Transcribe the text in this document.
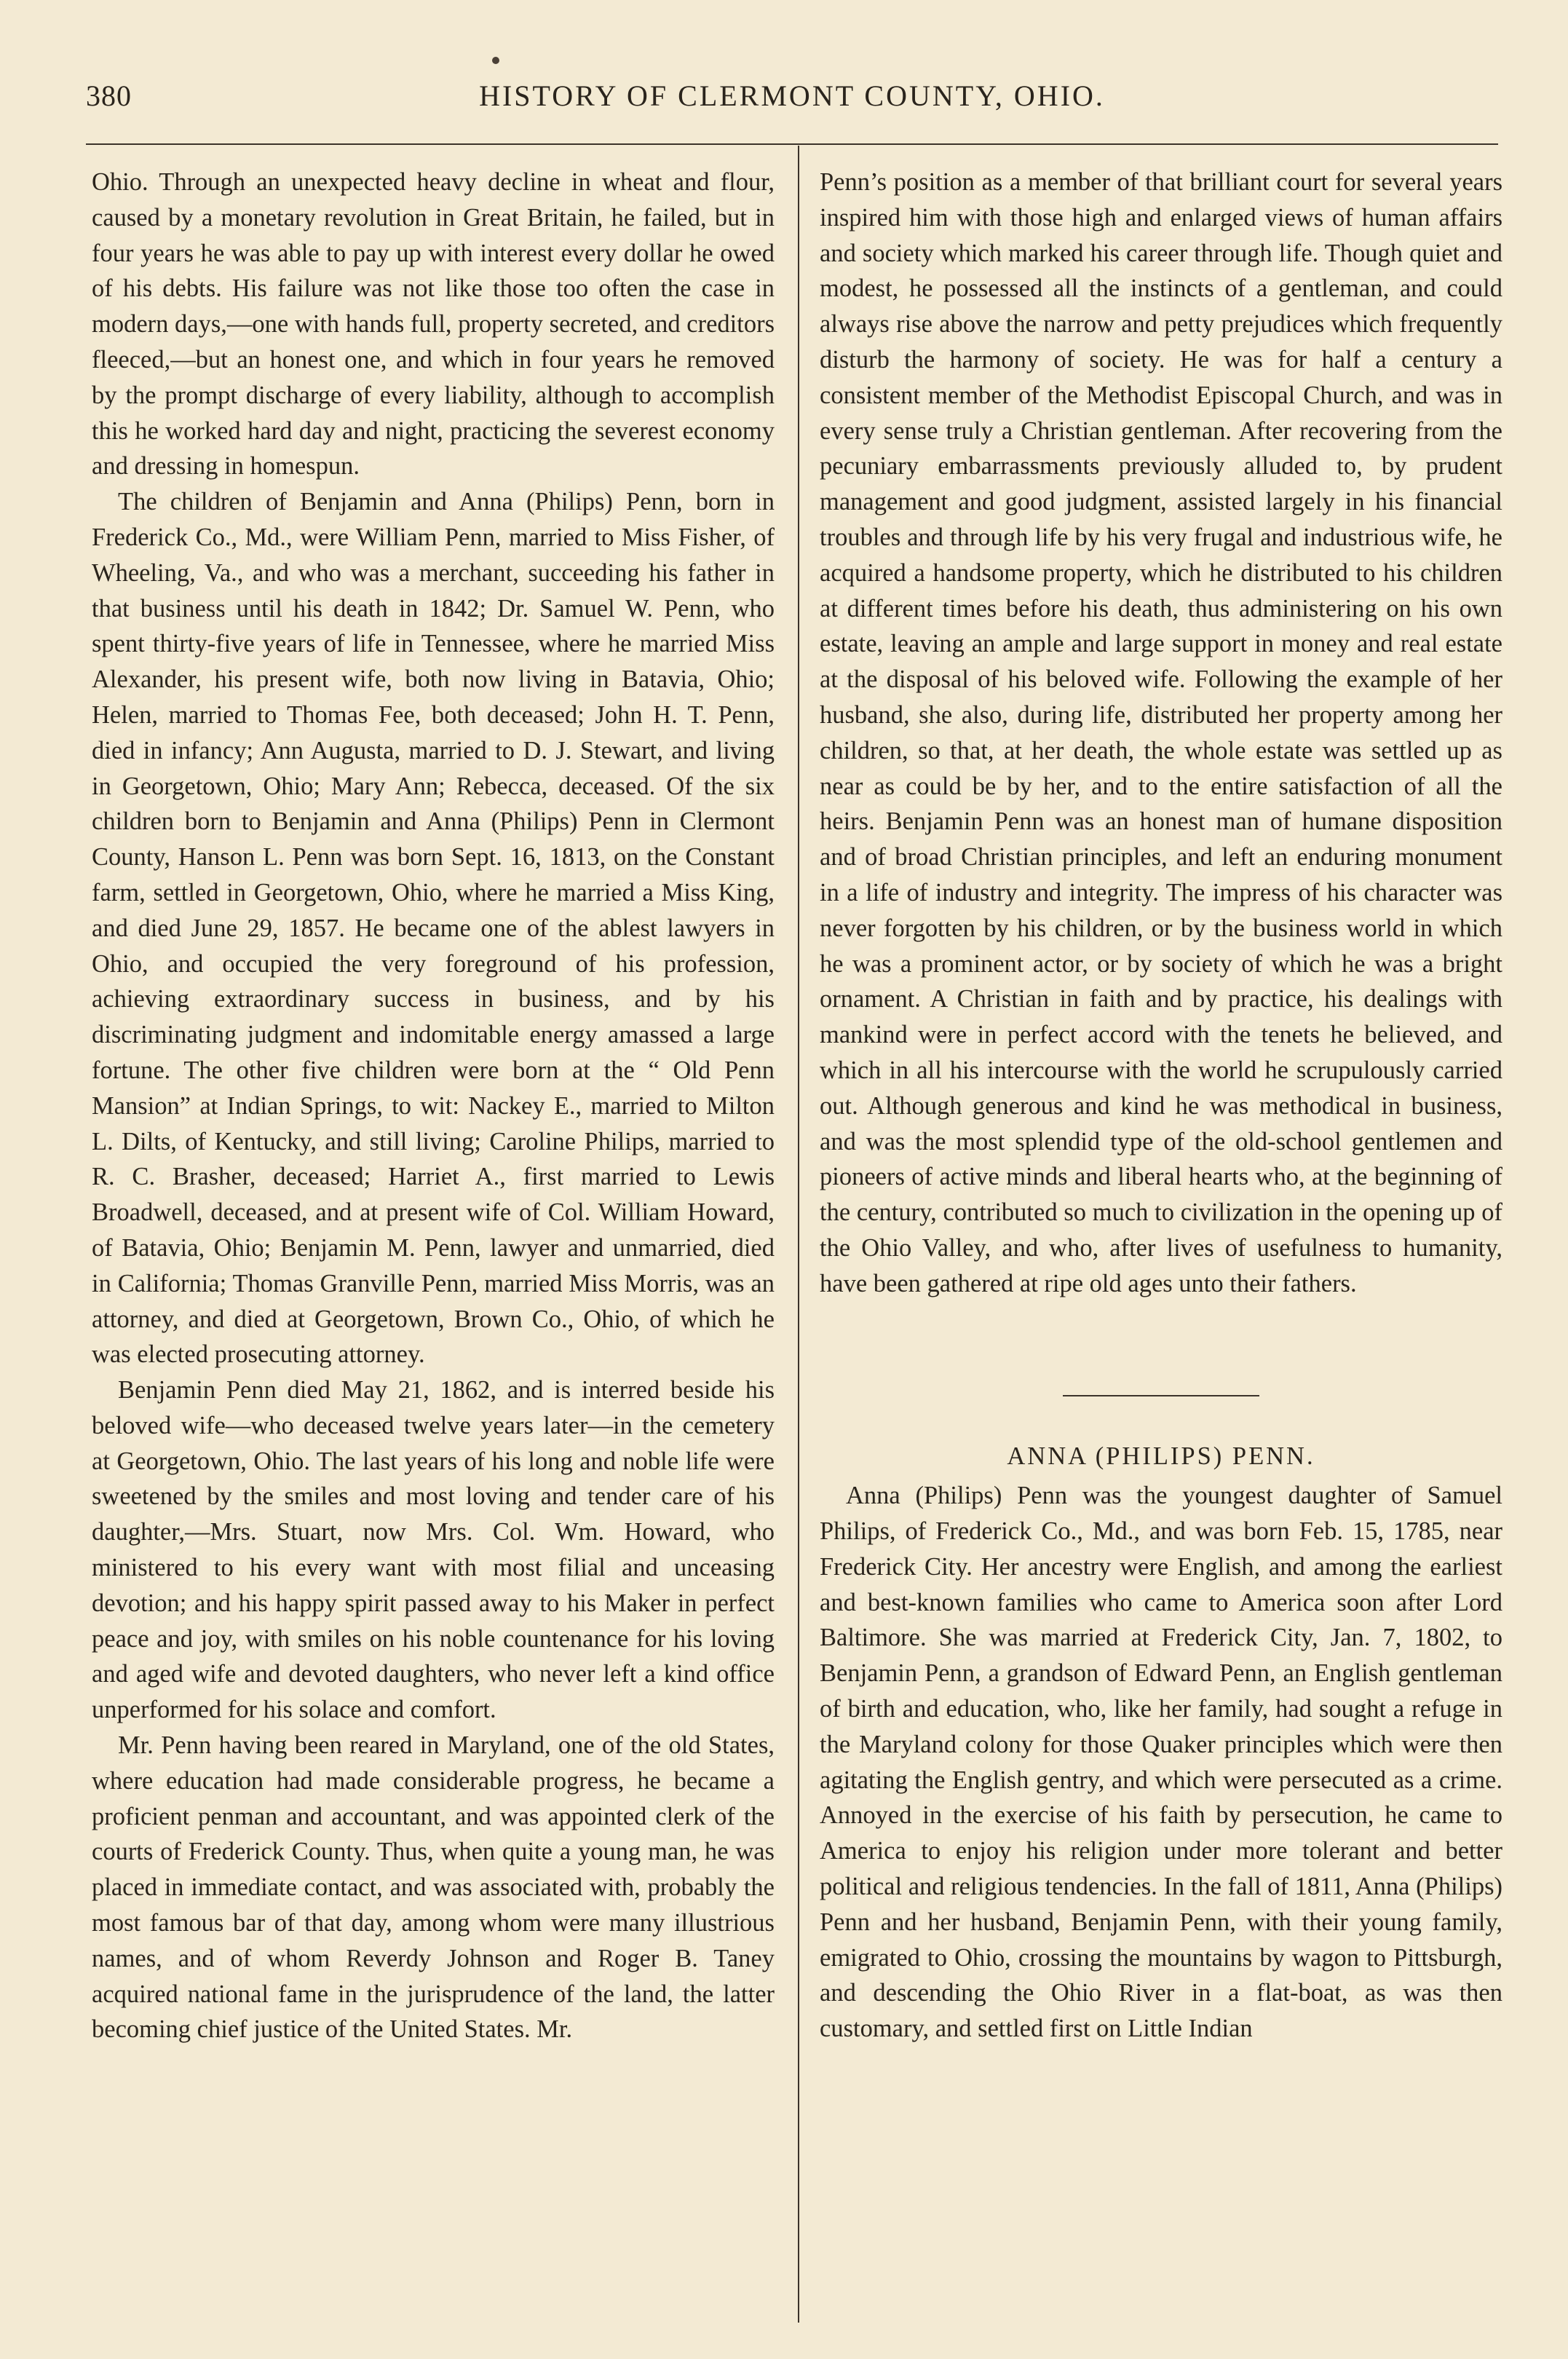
380	HISTORY OF CLERMONT COUNTY, OHIO.

Ohio. Through an unexpected heavy decline in wheat and flour, caused by a monetary revolution in Great Britain, he failed, but in four years he was able to pay up with interest every dollar he owed of his debts. His failure was not like those too often the case in modern days,—one with hands full, property secreted, and creditors fleeced,—but an honest one, and which in four years he removed by the prompt discharge of every liability, although to accomplish this he worked hard day and night, practicing the severest economy and dressing in homespun.

The children of Benjamin and Anna (Philips) Penn, born in Frederick Co., Md., were William Penn, married to Miss Fisher, of Wheeling, Va., and who was a merchant, succeeding his father in that business until his death in 1842; Dr. Samuel W. Penn, who spent thirty-five years of life in Tennessee, where he married Miss Alexander, his present wife, both now living in Batavia, Ohio; Helen, married to Thomas Fee, both deceased; John H. T. Penn, died in infancy; Ann Augusta, married to D. J. Stewart, and living in Georgetown, Ohio; Mary Ann; Rebecca, deceased. Of the six children born to Benjamin and Anna (Philips) Penn in Clermont County, Hanson L. Penn was born Sept. 16, 1813, on the Constant farm, settled in Georgetown, Ohio, where he married a Miss King, and died June 29, 1857. He became one of the ablest lawyers in Ohio, and occupied the very foreground of his profession, achieving extraordinary success in business, and by his discriminating judgment and indomitable energy amassed a large fortune. The other five children were born at the “ Old Penn Mansion” at Indian Springs, to wit: Nackey E., married to Milton L. Dilts, of Kentucky, and still living; Caroline Philips, married to R. C. Brasher, deceased; Harriet A., first married to Lewis Broadwell, deceased, and at present wife of Col. William Howard, of Batavia, Ohio; Benjamin M. Penn, lawyer and unmarried, died in California; Thomas Granville Penn, married Miss Morris, was an attorney, and died at Georgetown, Brown Co., Ohio, of which he was elected prosecuting attorney.

Benjamin Penn died May 21, 1862, and is interred beside his beloved wife—who deceased twelve years later—in the cemetery at Georgetown, Ohio. The last years of his long and noble life were sweetened by the smiles and most loving and tender care of his daughter,—Mrs. Stuart, now Mrs. Col. Wm. Howard, who ministered to his every want with most filial and unceasing devotion; and his happy spirit passed away to his Maker in perfect peace and joy, with smiles on his noble countenance for his loving and aged wife and devoted daughters, who never left a kind office unperformed for his solace and comfort.

Mr. Penn having been reared in Maryland, one of the old States, where education had made considerable progress, he became a proficient penman and accountant, and was appointed clerk of the courts of Frederick County. Thus, when quite a young man, he was placed in immediate contact, and was associated with, probably the most famous bar of that day, among whom were many illustrious names, and of whom Reverdy Johnson and Roger B. Taney acquired national fame in the jurisprudence of the land, the latter becoming chief justice of the United States. Mr.

Penn’s position as a member of that brilliant court for several years inspired him with those high and enlarged views of human affairs and society which marked his career through life. Though quiet and modest, he possessed all the instincts of a gentleman, and could always rise above the narrow and petty prejudices which frequently disturb the harmony of society. He was for half a century a consistent member of the Methodist Episcopal Church, and was in every sense truly a Christian gentleman. After recovering from the pecuniary embarrassments previously alluded to, by prudent management and good judgment, assisted largely in his financial troubles and through life by his very frugal and industrious wife, he acquired a handsome property, which he distributed to his children at different times before his death, thus administering on his own estate, leaving an ample and large support in money and real estate at the disposal of his beloved wife. Following the example of her husband, she also, during life, distributed her property among her children, so that, at her death, the whole estate was settled up as near as could be by her, and to the entire satisfaction of all the heirs. Benjamin Penn was an honest man of humane disposition and of broad Christian principles, and left an enduring monument in a life of industry and integrity. The impress of his character was never forgotten by his children, or by the business world in which he was a prominent actor, or by society of which he was a bright ornament. A Christian in faith and by practice, his dealings with mankind were in perfect accord with the tenets he believed, and which in all his intercourse with the world he scrupulously carried out. Although generous and kind he was methodical in business, and was the most splendid type of the old-school gentlemen and pioneers of active minds and liberal hearts who, at the beginning of the century, contributed so much to civilization in the opening up of the Ohio Valley, and who, after lives of usefulness to humanity, have been gathered at ripe old ages unto their fathers.

ANNA (PHILIPS) PENN.

Anna (Philips) Penn was the youngest daughter of Samuel Philips, of Frederick Co., Md., and was born Feb. 15, 1785, near Frederick City. Her ancestry were English, and among the earliest and best-known families who came to America soon after Lord Baltimore. She was married at Frederick City, Jan. 7, 1802, to Benjamin Penn, a grandson of Edward Penn, an English gentleman of birth and education, who, like her family, had sought a refuge in the Maryland colony for those Quaker principles which were then agitating the English gentry, and which were persecuted as a crime. Annoyed in the exercise of his faith by persecution, he came to America to enjoy his religion under more tolerant and better political and religious tendencies. In the fall of 1811, Anna (Philips) Penn and her husband, Benjamin Penn, with their young family, emigrated to Ohio, crossing the mountains by wagon to Pittsburgh, and descending the Ohio River in a flat-boat, as was then customary, and settled first on Little Indian
